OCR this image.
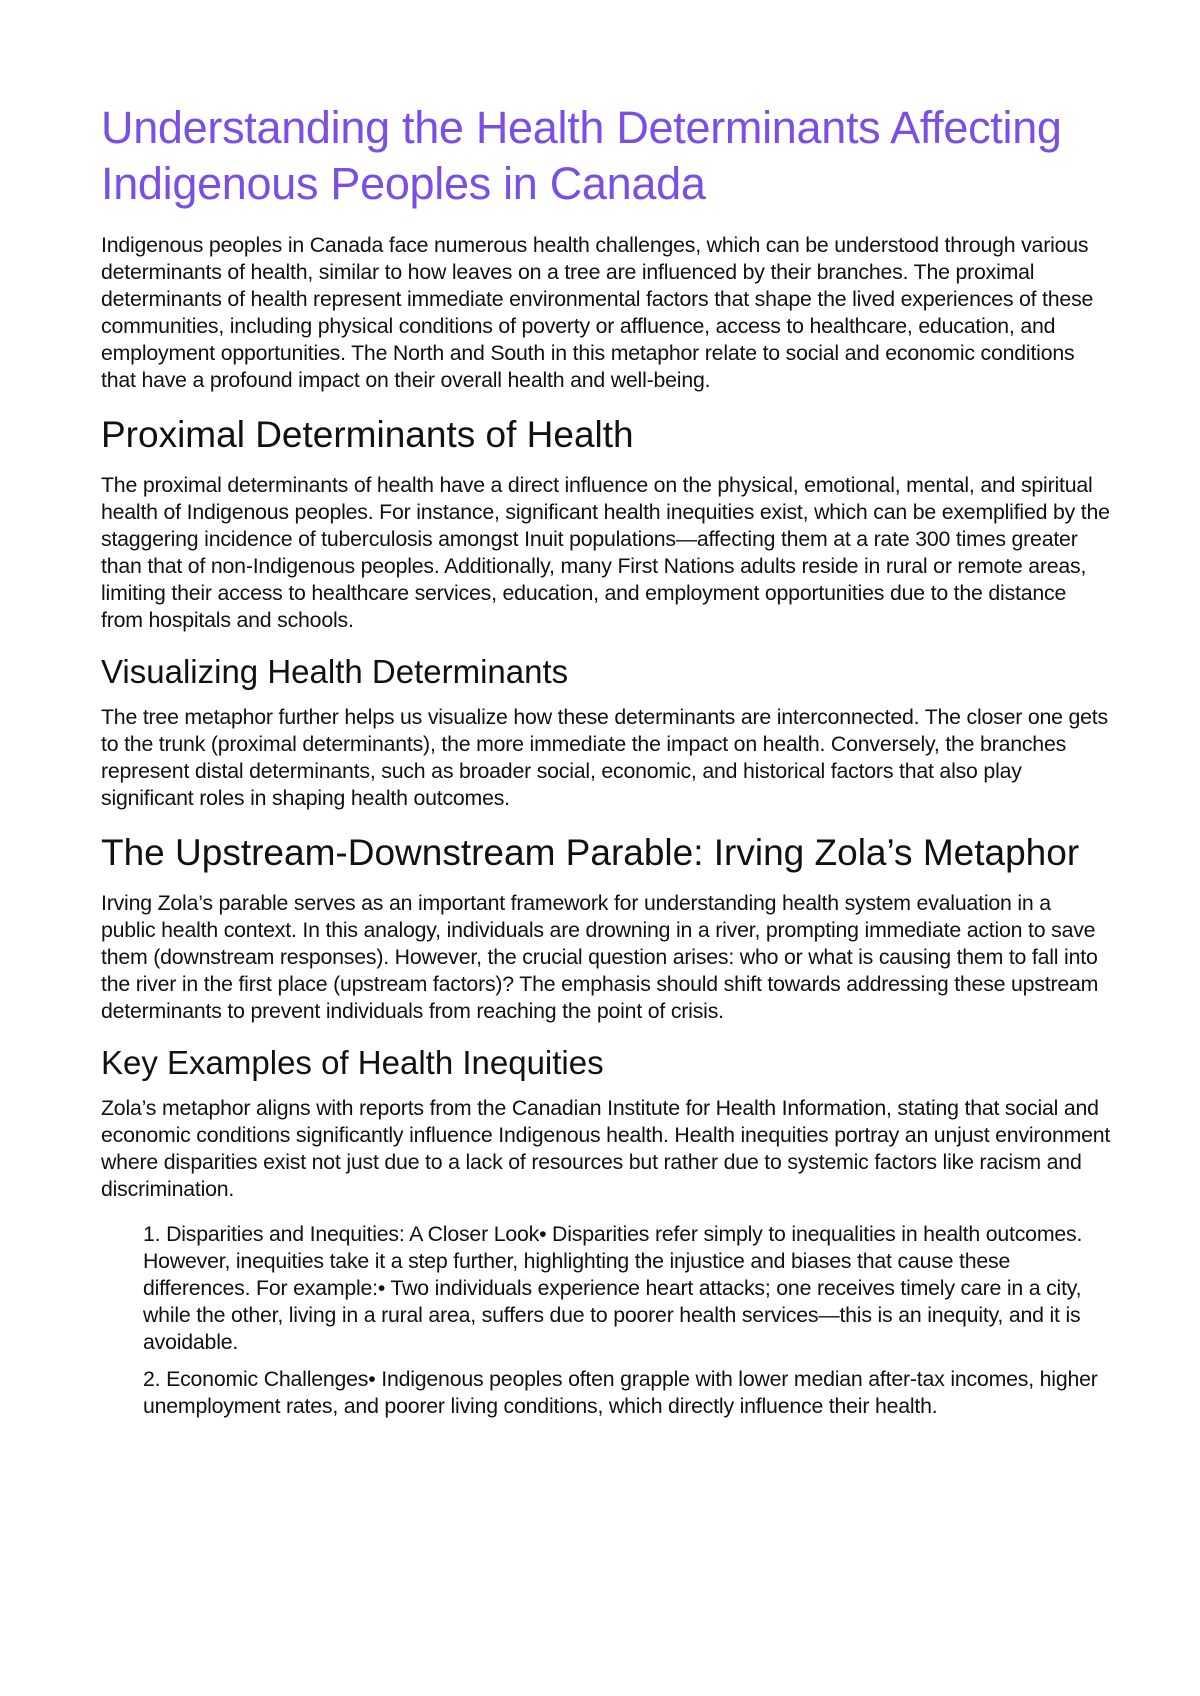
Understanding the Health Determinants Affecting Indigenous Peoples in Canada

Indigenous peoples in Canada face numerous health challenges, which can be understood through various determinants of health, similar to how leaves on a tree are influenced by their branches. The proximal determinants of health represent immediate environmental factors that shape the lived experiences of these communities, including physical conditions of poverty or affluence, access to healthcare, education, and employment opportunities. The North and South in this metaphor relate to social and economic conditions that have a profound impact on their overall health and well-being.

Proximal Determinants of Health

The proximal determinants of health have a direct influence on the physical, emotional, mental, and spiritual health of Indigenous peoples. For instance, significant health inequities exist, which can be exemplified by the staggering incidence of tuberculosis amongst Inuit populations—affecting them at a rate 300 times greater than that of non-Indigenous peoples. Additionally, many First Nations adults reside in rural or remote areas, limiting their access to healthcare services, education, and employment opportunities due to the distance from hospitals and schools.

Visualizing Health Determinants

The tree metaphor further helps us visualize how these determinants are interconnected. The closer one gets to the trunk (proximal determinants), the more immediate the impact on health. Conversely, the branches represent distal determinants, such as broader social, economic, and historical factors that also play significant roles in shaping health outcomes.

The Upstream-Downstream Parable: Irving Zola’s Metaphor

Irving Zola’s parable serves as an important framework for understanding health system evaluation in a public health context. In this analogy, individuals are drowning in a river, prompting immediate action to save them (downstream responses). However, the crucial question arises: who or what is causing them to fall into the river in the first place (upstream factors)? The emphasis should shift towards addressing these upstream determinants to prevent individuals from reaching the point of crisis.

Key Examples of Health Inequities

Zola’s metaphor aligns with reports from the Canadian Institute for Health Information, stating that social and economic conditions significantly influence Indigenous health. Health inequities portray an unjust environment where disparities exist not just due to a lack of resources but rather due to systemic factors like racism and discrimination.

1. Disparities and Inequities: A Closer Look• Disparities refer simply to inequalities in health outcomes. However, inequities take it a step further, highlighting the injustice and biases that cause these differences. For example:• Two individuals experience heart attacks; one receives timely care in a city, while the other, living in a rural area, suffers due to poorer health services—this is an inequity, and it is avoidable.
2. Economic Challenges• Indigenous peoples often grapple with lower median after-tax incomes, higher unemployment rates, and poorer living conditions, which directly influence their health.
